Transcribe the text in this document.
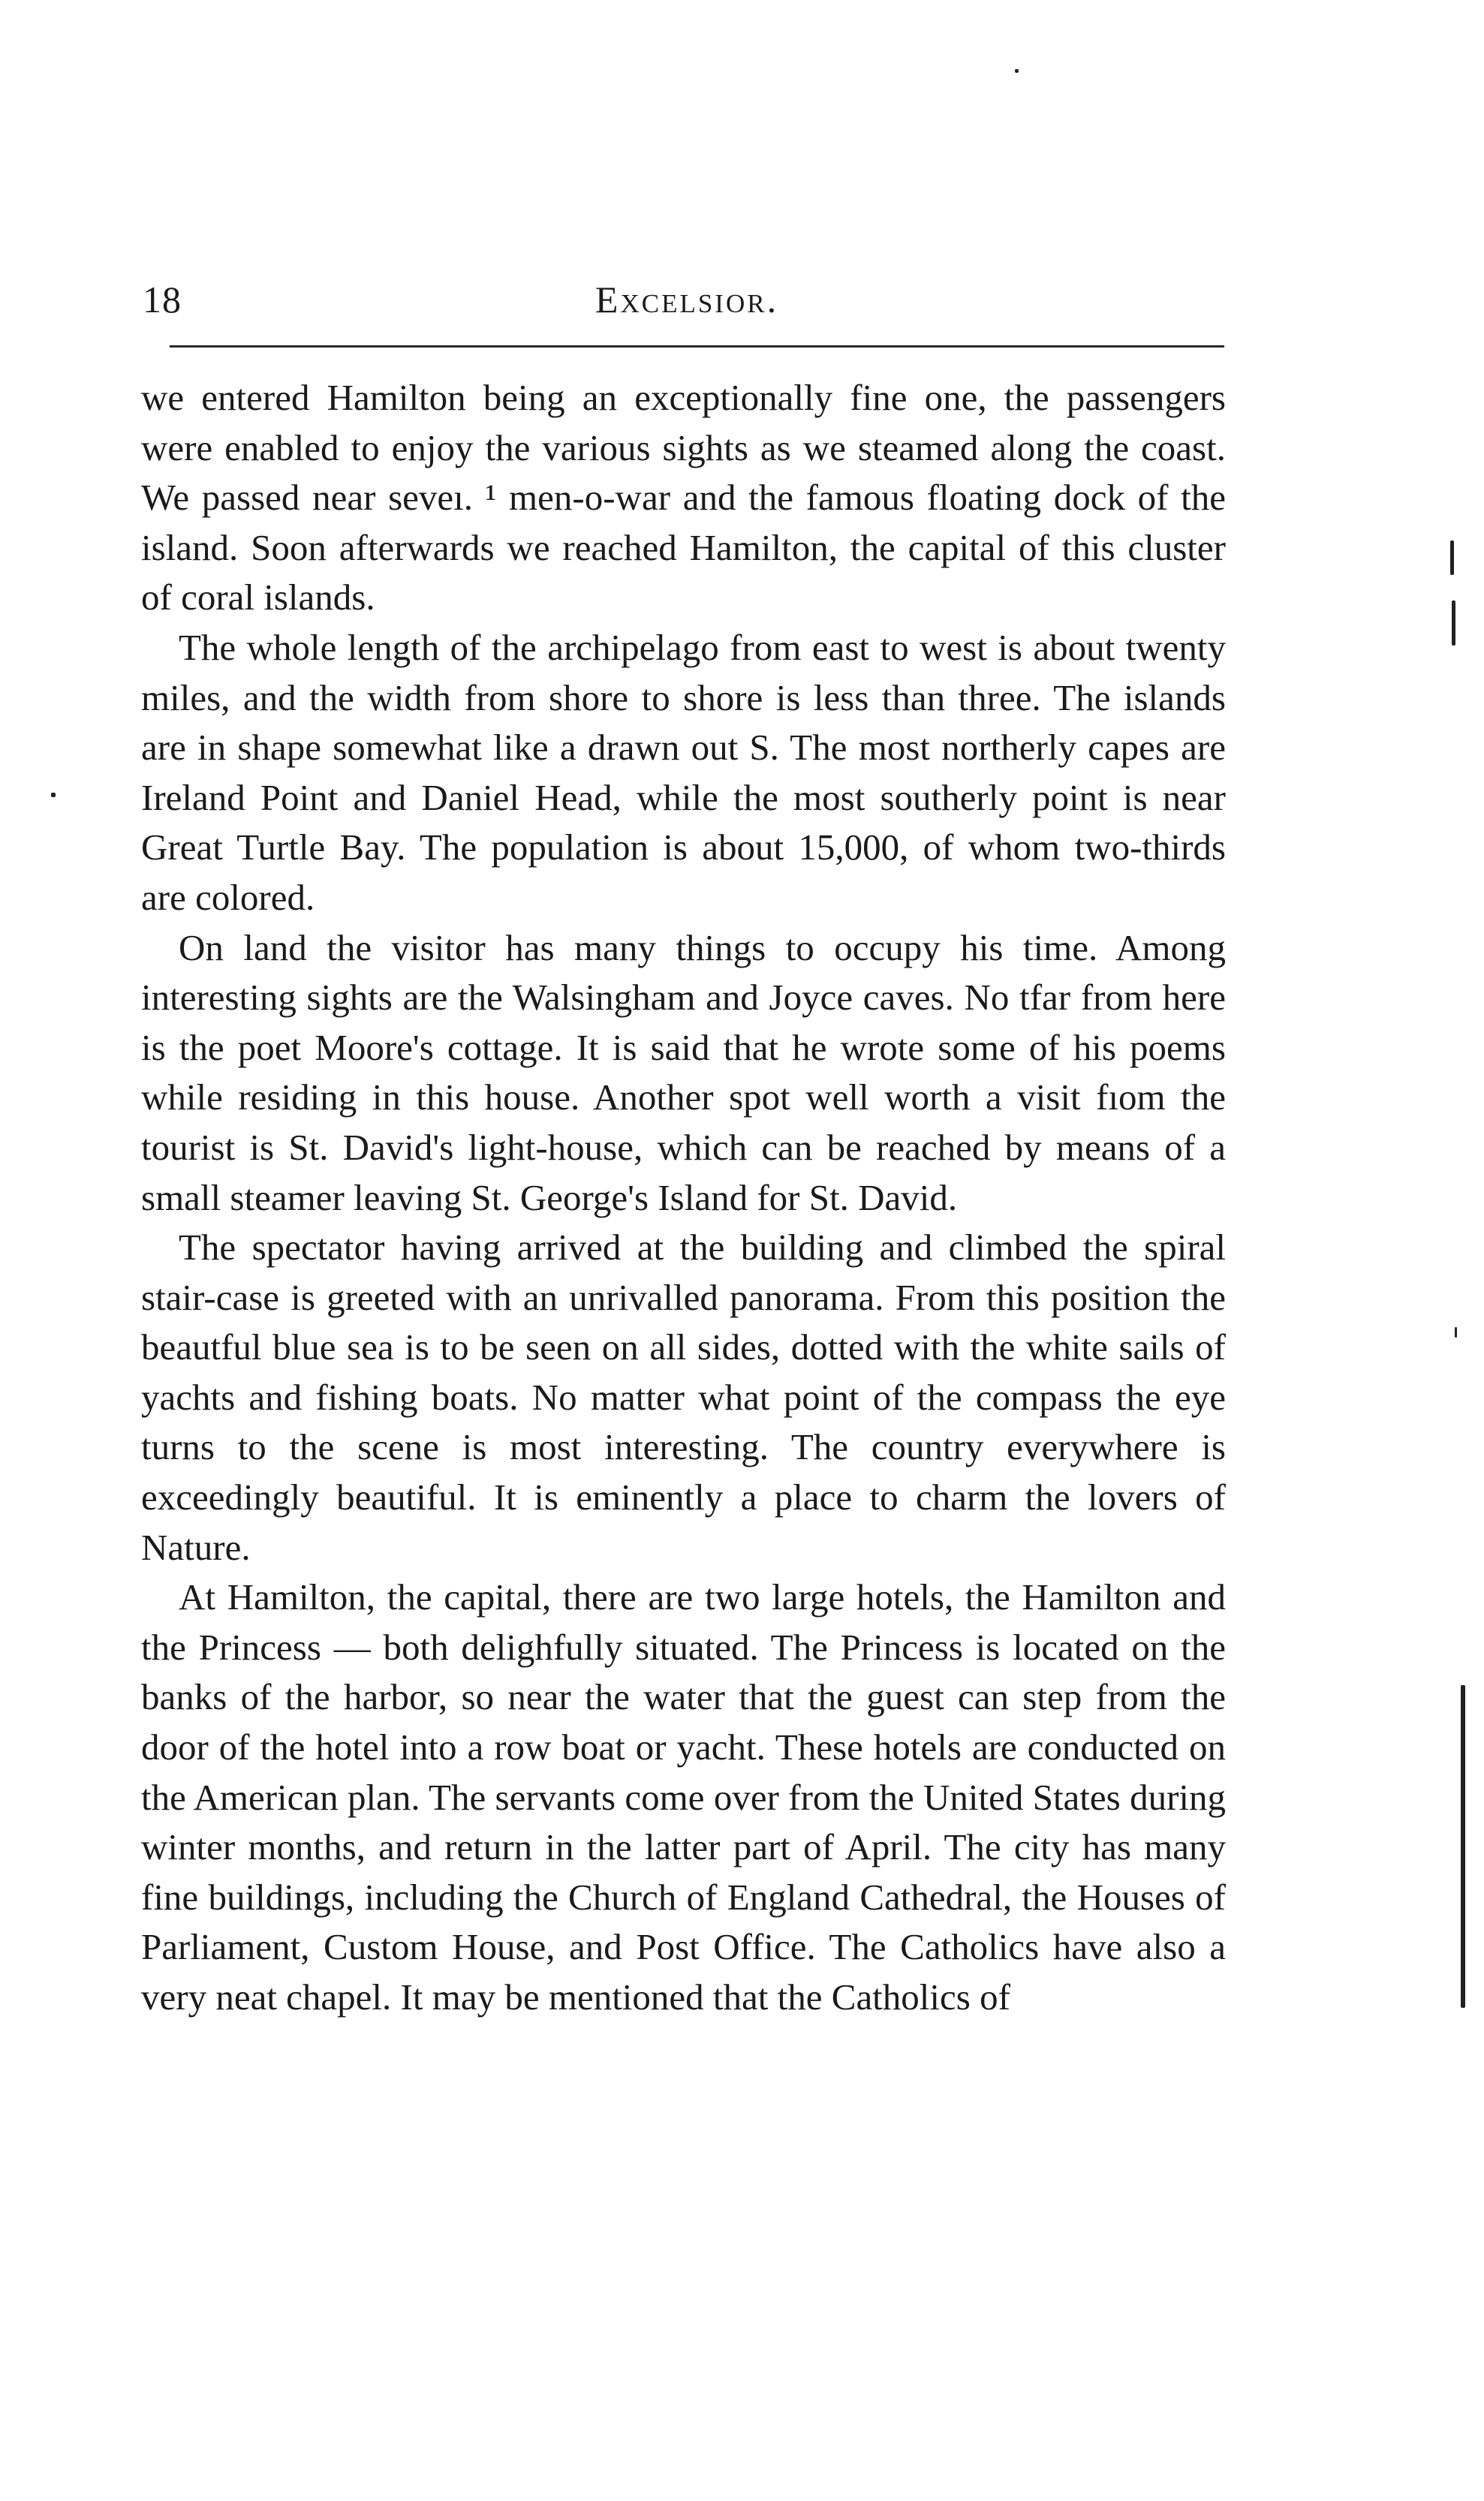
18	Excelsior.

we entered Hamilton being an exceptionally fine one, the passengers were enabled to enjoy the various sights as we steamed along the coast. We passed near seveı. ¹ men-o-war and the famous floating dock of the island. Soon afterwards we reached Hamilton, the capital of this cluster of coral islands.

The whole length of the archipelago from east to west is about twenty miles, and the width from shore to shore is less than three. The islands are in shape somewhat like a drawn out S. The most northerly capes are Ireland Point and Daniel Head, while the most southerly point is near Great Turtle Bay. The population is about 15,000, of whom two-thirds are colored.

On land the visitor has many things to occupy his time. Among interesting sights are the Walsingham and Joyce caves. No tfar from here is the poet Moore's cottage. It is said that he wrote some of his poems while residing in this house. Another spot well worth a visit fıom the tourist is St. David's light-house, which can be reached by means of a small steamer leaving St. George's Island for St. David.

The spectator having arrived at the building and climbed the spiral stair-case is greeted with an unrivalled panorama. From this position the beautful blue sea is to be seen on all sides, dotted with the white sails of yachts and fishing boats. No matter what point of the compass the eye turns to the scene is most interesting. The country everywhere is exceedingly beautiful. It is eminently a place to charm the lovers of Nature.

At Hamilton, the capital, there are two large hotels, the Hamilton and the Princess — both delighfully situated. The Princess is located on the banks of the harbor, so near the water that the guest can step from the door of the hotel into a row boat or yacht. These hotels are conducted on the American plan. The servants come over from the United States during winter months, and return in the latter part of April. The city has many fine buildings, including the Church of England Cathedral, the Houses of Parliament, Custom House, and Post Office. The Catholics have also a very neat chapel. It may be mentioned that the Catholics of
